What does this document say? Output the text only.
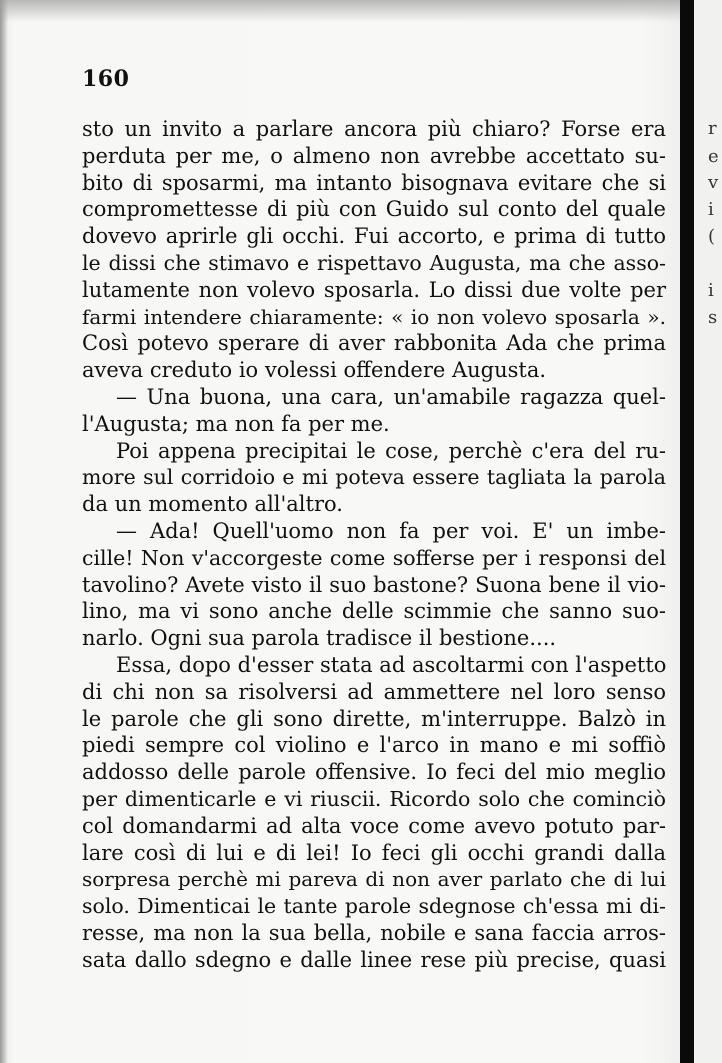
160
sto un invito a parlare ancora più chiaro? Forse era
perduta per me, o almeno non avrebbe accettato su-
bito di sposarmi, ma intanto bisognava evitare che si
compromettesse di più con Guido sul conto del quale
dovevo aprirle gli occhi. Fui accorto, e prima di tutto
le dissi che stimavo e rispettavo Augusta, ma che asso-
lutamente non volevo sposarla. Lo dissi due volte per
farmi intendere chiaramente: « io non volevo sposarla ».
Così potevo sperare di aver rabbonita Ada che prima
aveva creduto io volessi offendere Augusta.
— Una buona, una cara, un'amabile ragazza quel-
l'Augusta; ma non fa per me.
Poi appena precipitai le cose, perchè c'era del ru-
more sul corridoio e mi poteva essere tagliata la parola
da un momento all'altro.
— Ada! Quell'uomo non fa per voi. E' un imbe-
cille! Non v'accorgeste come sofferse per i responsi del
tavolino? Avete visto il suo bastone? Suona bene il vio-
lino, ma vi sono anche delle scimmie che sanno suo-
narlo. Ogni sua parola tradisce il bestione....
Essa, dopo d'esser stata ad ascoltarmi con l'aspetto
di chi non sa risolversi ad ammettere nel loro senso
le parole che gli sono dirette, m'interruppe. Balzò in
piedi sempre col violino e l'arco in mano e mi soffiò
addosso delle parole offensive. Io feci del mio meglio
per dimenticarle e vi riuscii. Ricordo solo che cominciò
col domandarmi ad alta voce come avevo potuto par-
lare così di lui e di lei! Io feci gli occhi grandi dalla
sorpresa perchè mi pareva di non aver parlato che di lui
solo. Dimenticai le tante parole sdegnose ch'essa mi di-
resse, ma non la sua bella, nobile e sana faccia arros-
sata dallo sdegno e dalle linee rese più precise, quasi
r
e
v
i
(
i
s
